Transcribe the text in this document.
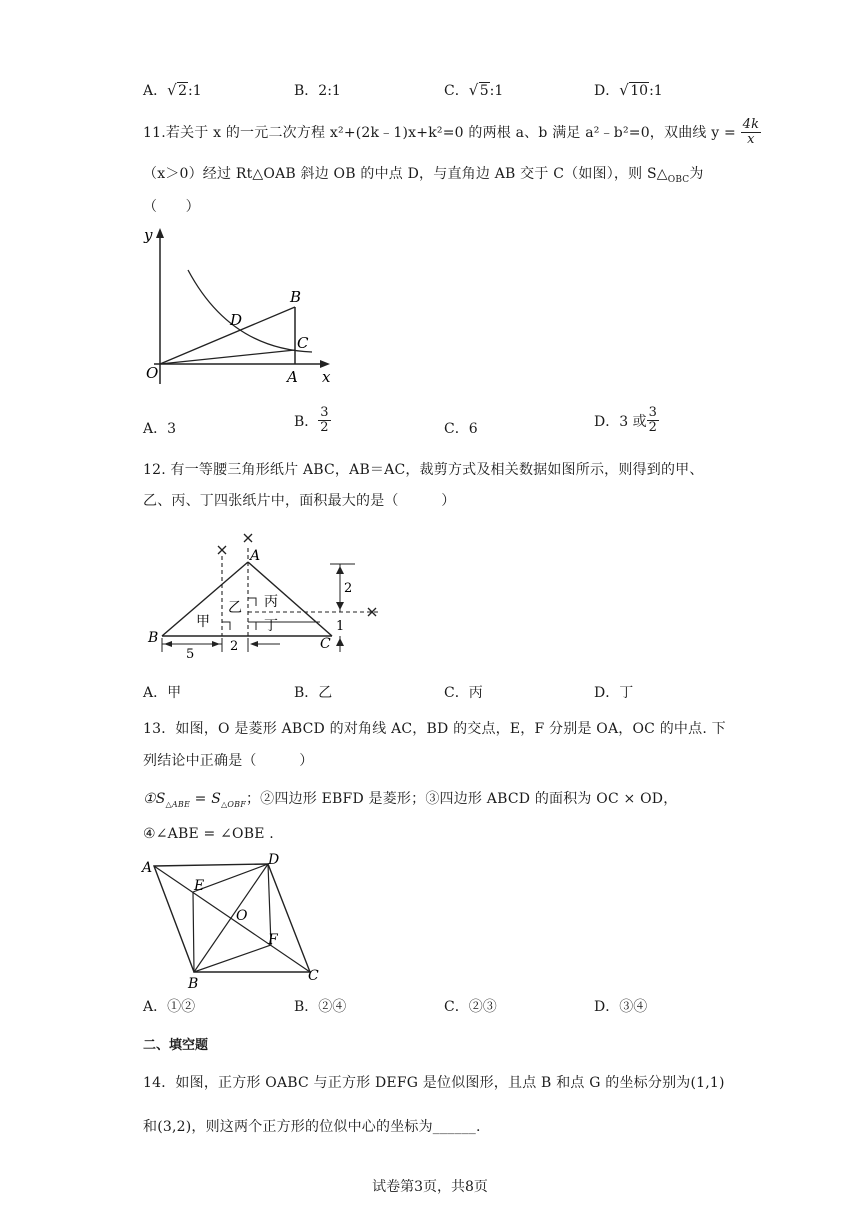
A． √ 2:1	B．2:1	C． √ 5:1	D． √ 10:1
11.若关于 x 的一元二次方程 x²+(2k﹣1)x+k²=0 的两根 a、b 满足 a²﹣b²=0，双曲线 $y = \frac{4k}{x}$
（x＞0）经过 Rt△OAB 斜边 OB 的中点 D，与直角边 AB 交于 C（如图），则 $S\triangle_{OBC}$为
（　　）
y
x
O	A
B
C
D
A．3	B． $\frac{3}{2}$	C．6	D．3 或 $\frac{3}{2}$
12. 有一等腰三角形纸片 ABC，AB＝AC，裁剪方式及相关数据如图所示，则得到的甲、
乙、丙、丁四张纸片中，面积最大的是（　　　）
A
B	C
甲
乙 丙
丁
5
2
2
1
A．甲	B．乙	C．丙	D．丁
13．如图，O 是菱形 ABCD 的对角线 AC，BD 的交点，E，F 分别是 OA，OC 的中点. 下
列结论中正确是（　　　）
$①S_{\triangle ABE} = S_{\triangle OBF}$；②四边形 EBFD 是菱形；③四边形 ABCD 的面积为 OC × OD，
④∠ABE = ∠OBE .
A	D
B	C
E
F
O
A．①②	B．②④	C．②③	D．③④
二、填空题
14．如图，正方形 OABC 与正方形 DEFG 是位似图形，且点 B 和点 G 的坐标分别为(1,1)
和(3,2)，则这两个正方形的位似中心的坐标为______.
试卷第3页，共8页
